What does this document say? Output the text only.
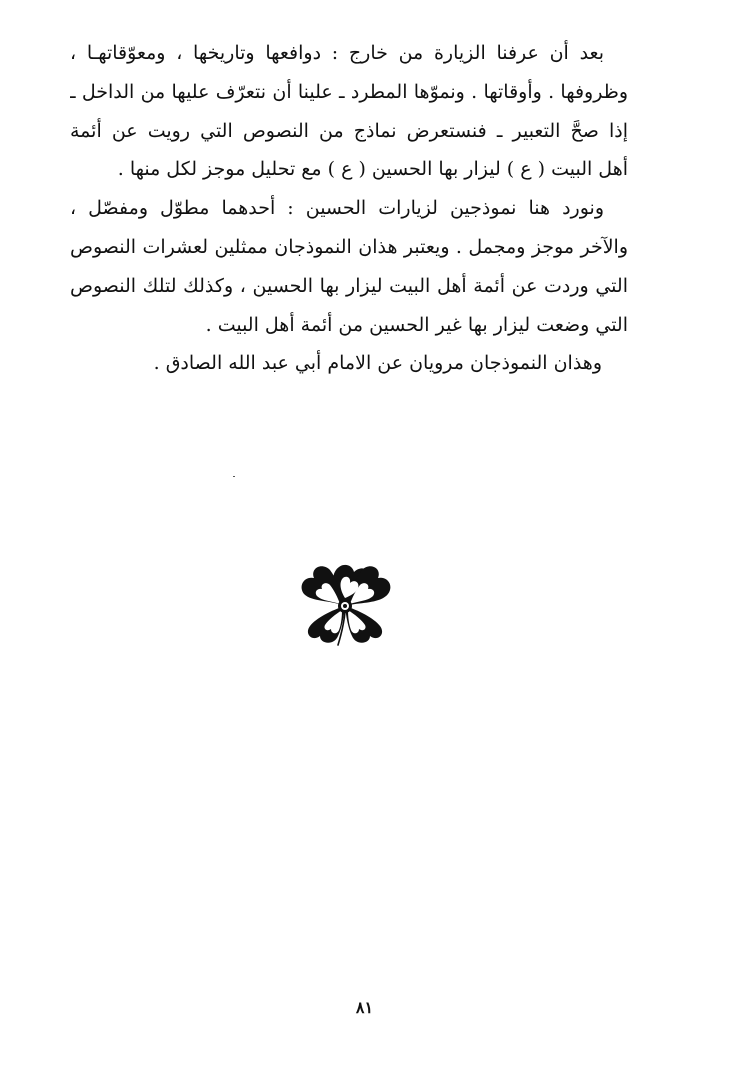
بعد أن عرفنا الزيارة من خارج : دوافعها وتاريخها ، ومعوّقاتهـا ،
وظروفها . وأوقاتها . ونموّها المطرد ـ علينا أن نتعرّف عليها من الداخل ـ
إذا صحَّ التعبير ـ فنستعرض نماذج من النصوص التي رويت عن أئمة
أهل البيت ( ع ) ليزار بها الحسين ( ع ) مع تحليل موجز لكل منها .
ونورد هنا نموذجين لزيارات الحسين : أحدهما مطوّل ومفصّل ،
والآخر موجز ومجمل . ويعتبر هذان النموذجان ممثلين لعشرات النصوص
التي وردت عن أئمة أهل البيت ليزار بها الحسين ، وكذلك لتلك النصوص
التي وضعت ليزار بها غير الحسين من أئمة أهل البيت .
وهذان النموذجان مرويان عن الامام أبي عبد الله الصادق .
٨١
